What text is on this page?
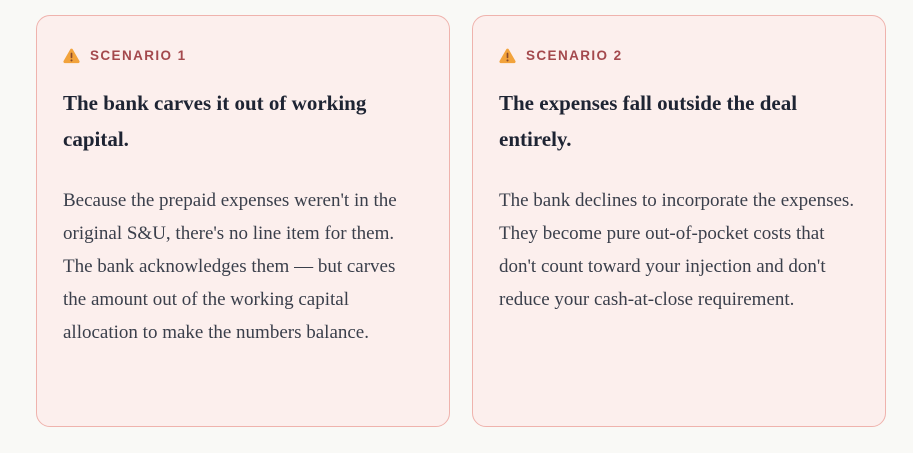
SCENARIO 1
The bank carves it out of working capital.
Because the prepaid expenses weren't in the original S&U, there's no line item for them. The bank acknowledges them — but carves the amount out of the working capital allocation to make the numbers balance.
SCENARIO 2
The expenses fall outside the deal entirely.
The bank declines to incorporate the expenses. They become pure out-of-pocket costs that don't count toward your injection and don't reduce your cash-at-close requirement.
